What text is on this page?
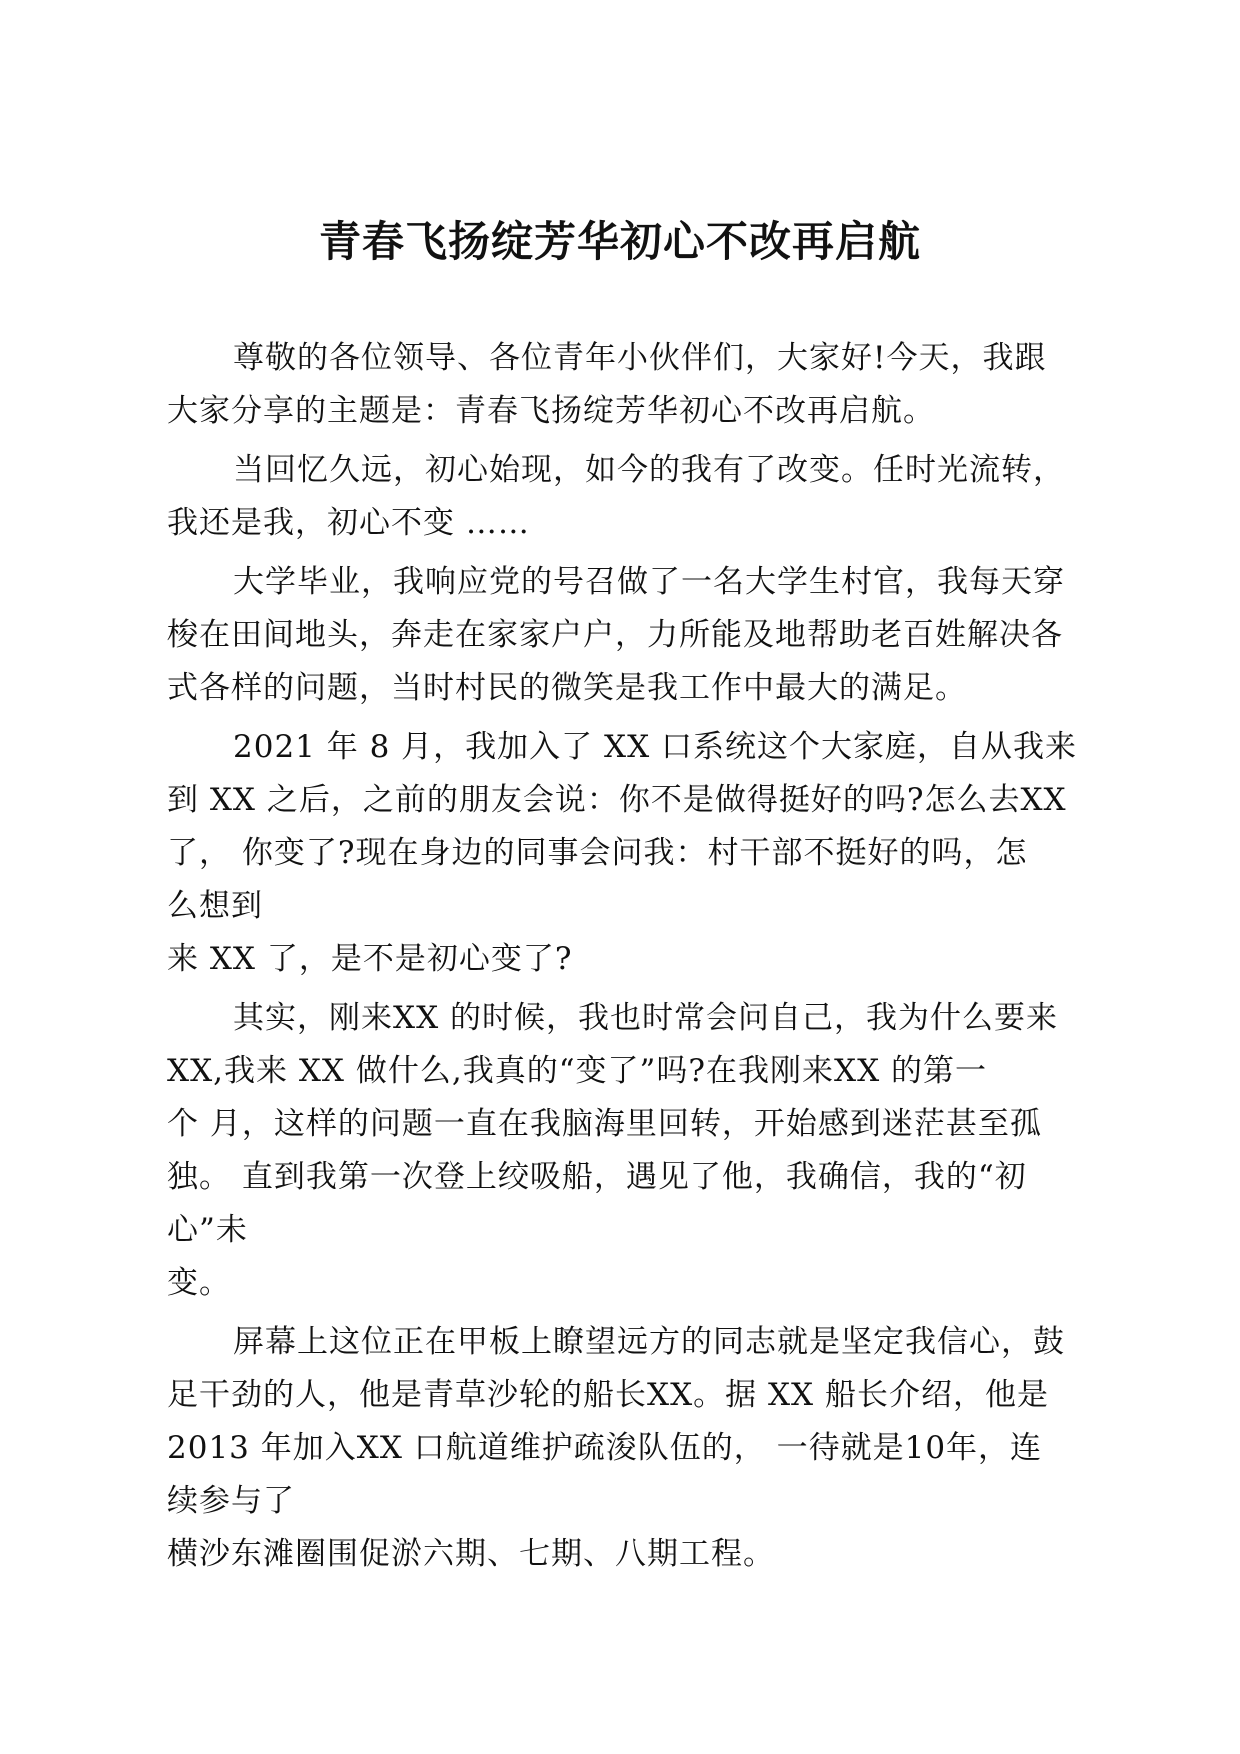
青春飞扬绽芳华初心不改再启航
尊敬的各位领导、各位青年小伙伴们，大家好!今天，我跟
大家分享的主题是：青春飞扬绽芳华初心不改再启航。
当回忆久远，初心始现，如今的我有了改变。任时光流转，
我还是我，初心不变 ……
大学毕业，我响应党的号召做了一名大学生村官，我每天穿
梭在田间地头，奔走在家家户户，力所能及地帮助老百姓解决各
式各样的问题，当时村民的微笑是我工作中最大的满足。
2021 年 8 月，我加入了 XX 口系统这个大家庭，自从我来
到 XX 之后，之前的朋友会说：你不是做得挺好的吗?怎么去XX
了， 你变了?现在身边的同事会问我：村干部不挺好的吗，怎
么想到
来 XX 了，是不是初心变了?
其实，刚来XX 的时候，我也时常会问自己，我为什么要来
XX,我来 XX 做什么,我真的“变了”吗?在我刚来XX 的第一
个 月，这样的问题一直在我脑海里回转，开始感到迷茫甚至孤
独。 直到我第一次登上绞吸船，遇见了他，我确信，我的“初
心”未
变。
屏幕上这位正在甲板上瞭望远方的同志就是坚定我信心，鼓
足干劲的人，他是青草沙轮的船长XX。据 XX 船长介绍，他是
2013 年加入XX 口航道维护疏浚队伍的， 一待就是10年，连
续参与了
横沙东滩圈围促淤六期、七期、八期工程。
